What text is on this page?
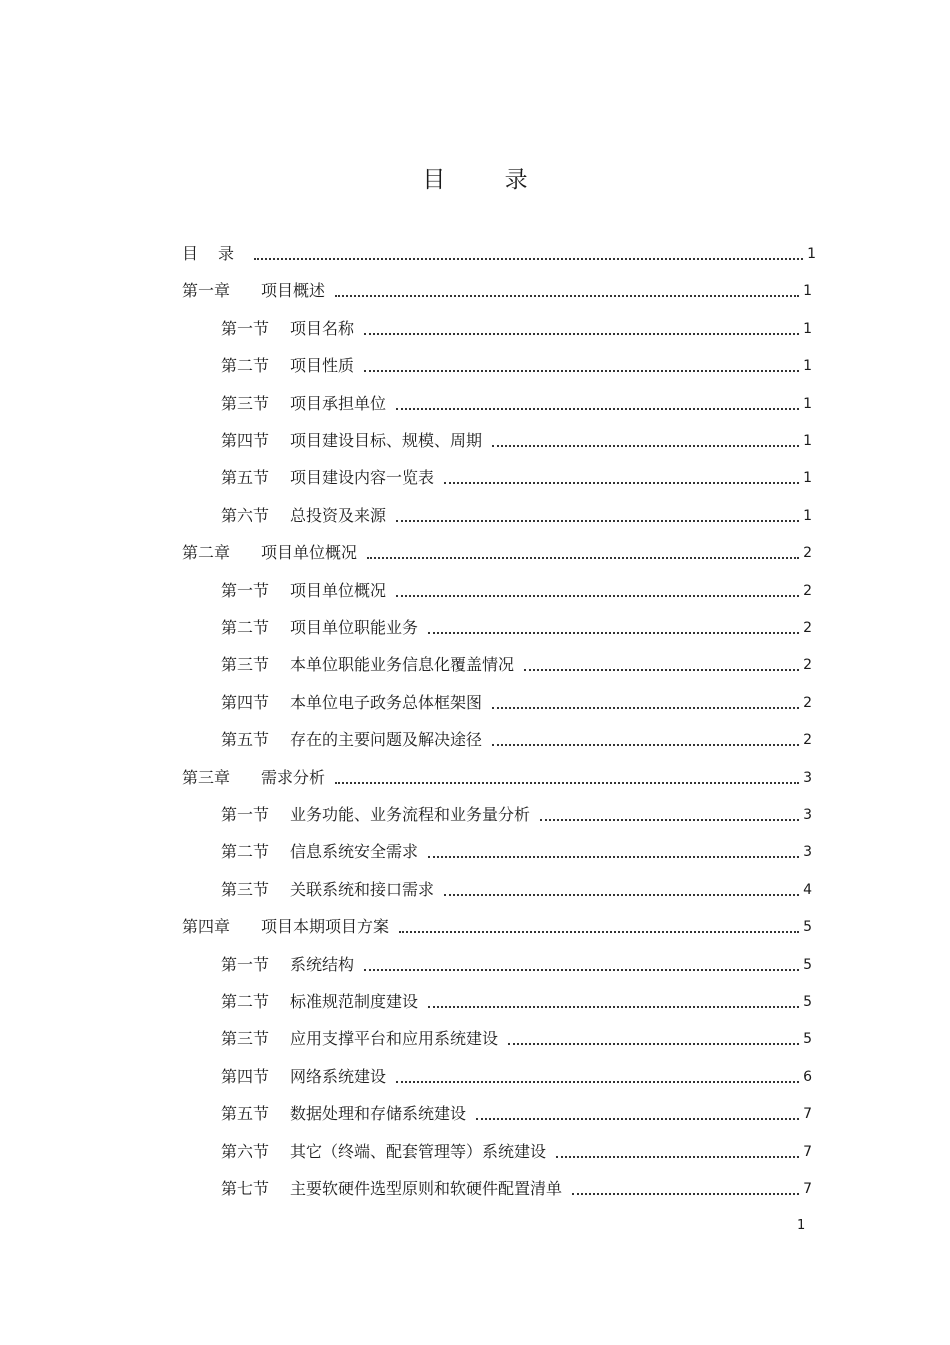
目 录
目录	1
第一章	项目概述	1
第一节	项目名称	1
第二节	项目性质	1
第三节	项目承担单位	1
第四节	项目建设目标、规模、周期	1
第五节	项目建设内容一览表	1
第六节	总投资及来源	1
第二章	项目单位概况	2
第一节	项目单位概况	2
第二节	项目单位职能业务	2
第三节	本单位职能业务信息化覆盖情况	2
第四节	本单位电子政务总体框架图	2
第五节	存在的主要问题及解决途径	2
第三章	需求分析	3
第一节	业务功能、业务流程和业务量分析	3
第二节	信息系统安全需求	3
第三节	关联系统和接口需求	4
第四章	项目本期项目方案	5
第一节	系统结构	5
第二节	标准规范制度建设	5
第三节	应用支撑平台和应用系统建设	5
第四节	网络系统建设	6
第五节	数据处理和存储系统建设	7
第六节	其它（终端、配套管理等）系统建设	7
第七节	主要软硬件选型原则和软硬件配置清单	7
1
